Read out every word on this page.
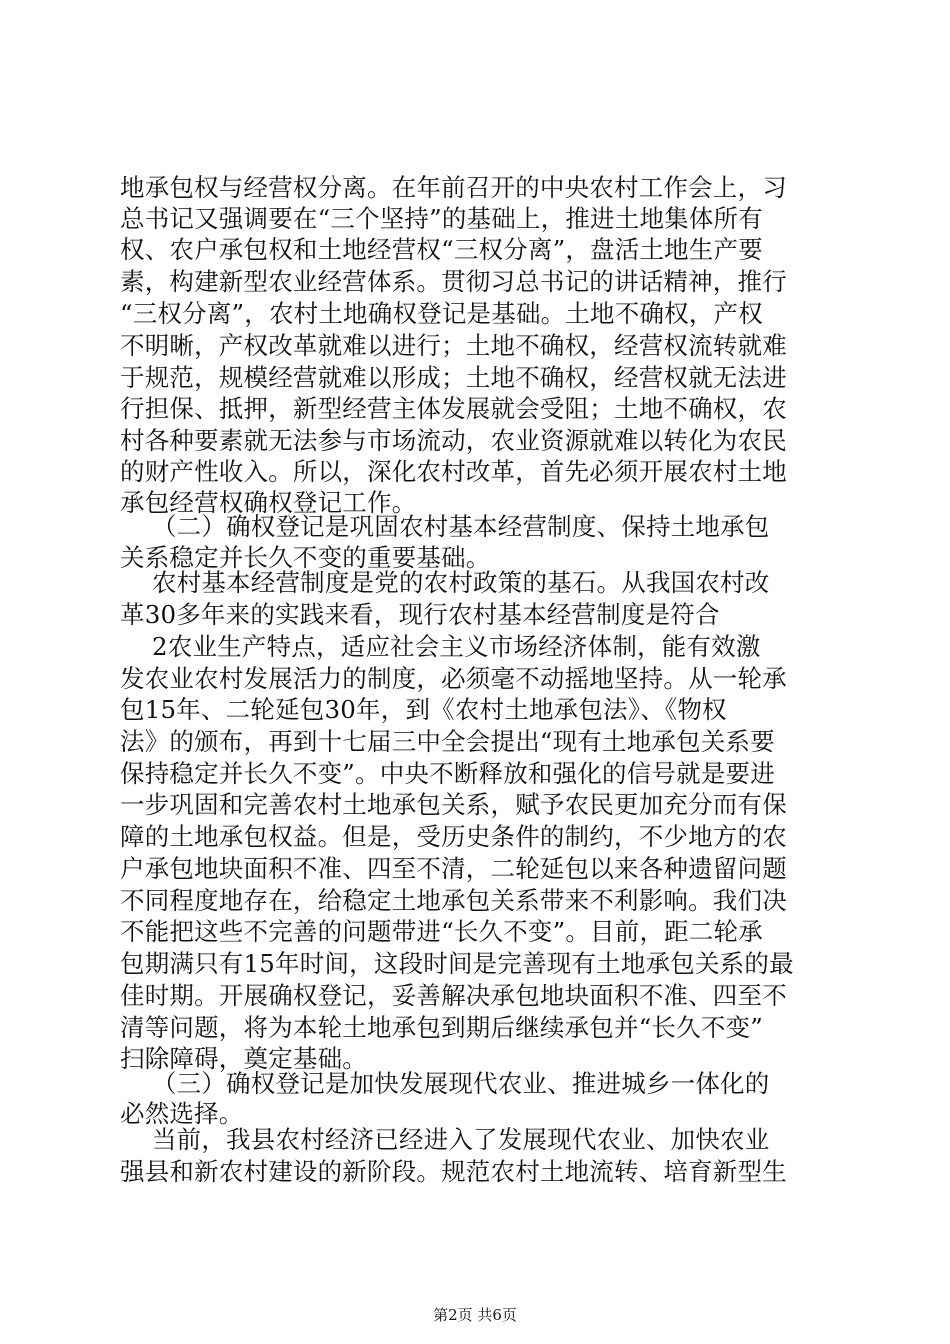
地承包权与经营权分离。在年前召开的中央农村工作会上，习
总书记又强调要在“三个坚持”的基础上，推进土地集体所有
权、农户承包权和土地经营权“三权分离”，盘活土地生产要
素，构建新型农业经营体系。贯彻习总书记的讲话精神，推行
“三权分离”，农村土地确权登记是基础。土地不确权，产权
不明晰，产权改革就难以进行；土地不确权，经营权流转就难
于规范，规模经营就难以形成；土地不确权，经营权就无法进
行担保、抵押，新型经营主体发展就会受阻；土地不确权，农
村各种要素就无法参与市场流动，农业资源就难以转化为农民
的财产性收入。所以，深化农村改革，首先必须开展农村土地
承包经营权确权登记工作。
（二）确权登记是巩固农村基本经营制度、保持土地承包
关系稳定并长久不变的重要基础。
农村基本经营制度是党的农村政策的基石。从我国农村改
革30多年来的实践来看，现行农村基本经营制度是符合
2农业生产特点，适应社会主义市场经济体制，能有效激
发农业农村发展活力的制度，必须毫不动摇地坚持。从一轮承
包15年、二轮延包30年，到《农村土地承包法》、《物权
法》的颁布，再到十七届三中全会提出“现有土地承包关系要
保持稳定并长久不变”。中央不断释放和强化的信号就是要进
一步巩固和完善农村土地承包关系，赋予农民更加充分而有保
障的土地承包权益。但是，受历史条件的制约，不少地方的农
户承包地块面积不准、四至不清，二轮延包以来各种遗留问题
不同程度地存在，给稳定土地承包关系带来不利影响。我们决
不能把这些不完善的问题带进“长久不变”。目前，距二轮承
包期满只有15年时间，这段时间是完善现有土地承包关系的最
佳时期。开展确权登记，妥善解决承包地块面积不准、四至不
清等问题，将为本轮土地承包到期后继续承包并“长久不变”
扫除障碍，奠定基础。
（三）确权登记是加快发展现代农业、推进城乡一体化的
必然选择。
当前，我县农村经济已经进入了发展现代农业、加快农业
强县和新农村建设的新阶段。规范农村土地流转、培育新型生
第2页 共6页
